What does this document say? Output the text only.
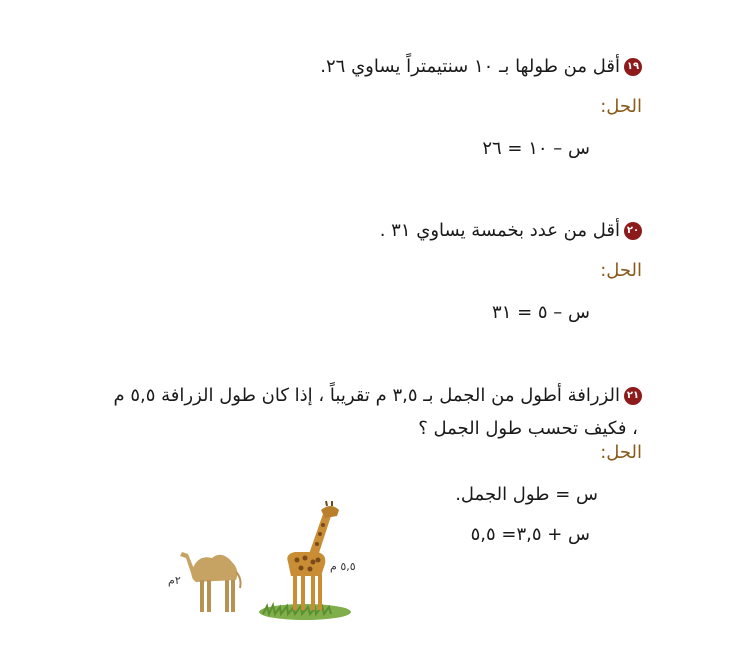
١٩أقل من طولها بـ ١٠ سنتيمتراً يساوي ٢٦.
الحل:
س – ١٠ = ٢٦
٢٠أقل من عدد بخمسة يساوي ٣١ .
الحل:
س – ٥ = ٣١
٢١الزرافة أطول من الجمل بـ ٣,٥ م تقريباً ، إذا كان طول الزرافة ٥,٥ م
، فكيف تحسب طول الجمل ؟
الحل:
س = طول الجمل.
س + ٣,٥= ٥,٥
٥,٥ م
٢م
